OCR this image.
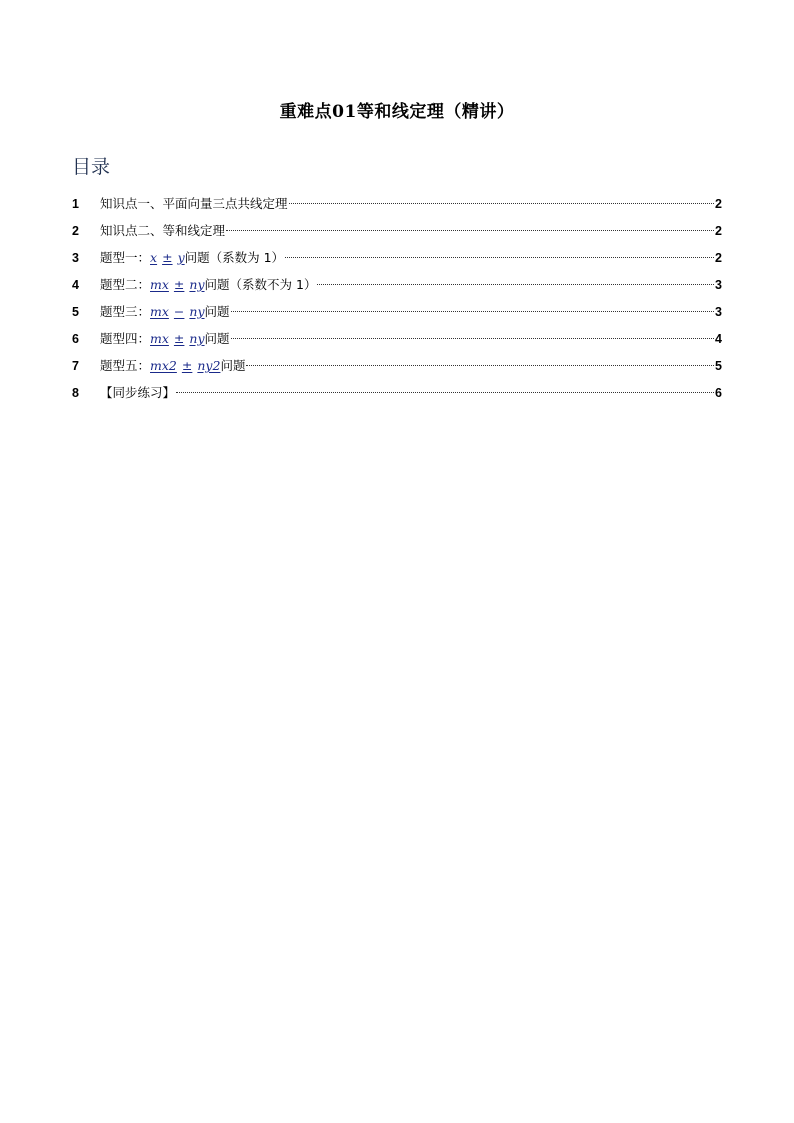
重难点01等和线定理（精讲）
目录
1	知识点一、平面向量三点共线定理	2
2	知识点二、等和线定理	2
3	题型一： x ± y 问题（系数为 1）	2
4	题型二： mx ± ny 问题（系数不为 1）	3
5	题型三： mx − ny 问题	3
6	题型四： mx ± ny 问题	4
7	题型五： mx2 ± ny2 问题	5
8	【同步练习】	6
